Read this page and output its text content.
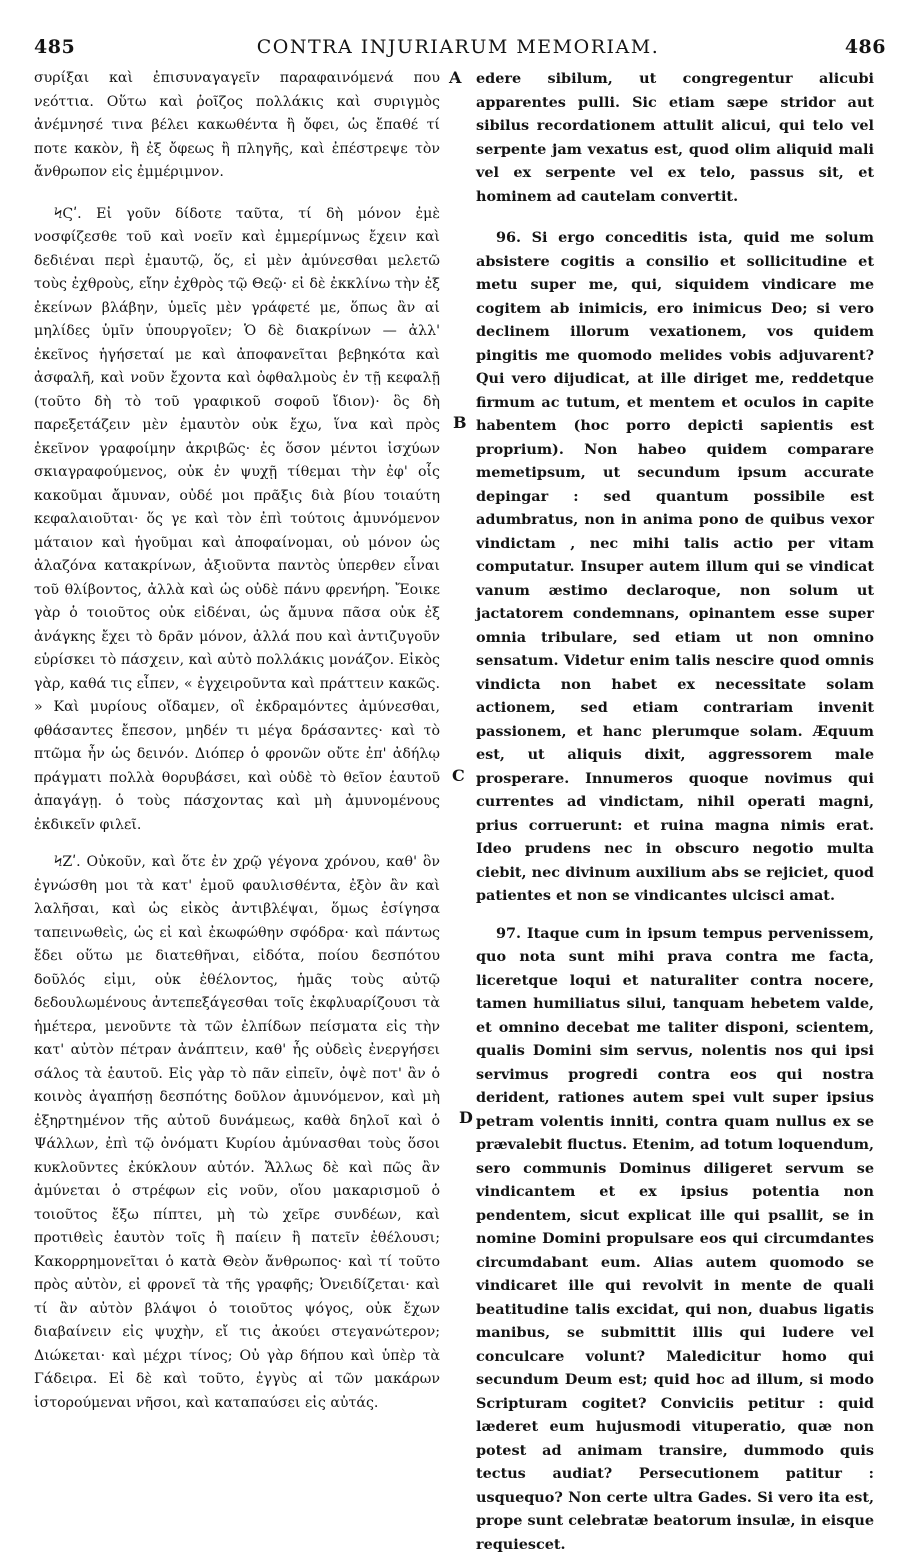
485	CONTRA INJURIARUM MEMORIAM.	486

συρίξαι καὶ ἐπισυναγαγεῖν παραφαινόμενά που νεόττια. Οὕτω καὶ ῥοῖζος πολλάκις καὶ συριγμὸς ἀνέμνησέ τινα βέλει κακωθέντα ἢ ὄφει, ὡς ἔπαθέ τί ποτε κακὸν, ἢ ἐξ ὄφεως ἢ πληγῆς, καὶ ἐπέστρεψε τὸν ἄνθρωπον εἰς ἐμμέριμνον.

ϞϚʹ. Εἰ γοῦν δίδοτε ταῦτα, τί δὴ μόνον ἐμὲ νοσφίζεσθε τοῦ καὶ νοεῖν καὶ ἐμμερίμνως ἔχειν καὶ δεδιέναι περὶ ἐμαυτῷ, ὅς, εἰ μὲν ἀμύνεσθαι μελετῶ τοὺς ἐχθροὺς, εἴην ἐχθρὸς τῷ Θεῷ· εἰ δὲ ἐκκλίνω τὴν ἐξ ἐκείνων βλάβην, ὑμεῖς μὲν γράφετέ με, ὅπως ἂν αἱ μηλίδες ὑμῖν ὑπουργοῖεν; Ὁ δὲ διακρίνων — ἀλλ' ἐκεῖνος ἡγήσεταί με καὶ ἀποφανεῖται βεβηκότα καὶ ἀσφαλῆ, καὶ νοῦν ἔχοντα καὶ ὀφθαλμοὺς ἐν τῇ κεφαλῇ (τοῦτο δὴ τὸ τοῦ γραφικοῦ σοφοῦ ἴδιον)· ὃς δὴ παρεξετάζειν μὲν ἐμαυτὸν οὐκ ἔχω, ἵνα καὶ πρὸς ἐκεῖνον γραφοίμην ἀκριβῶς· ἐς ὅσον μέντοι ἰσχύων σκιαγραφούμενος, οὐκ ἐν ψυχῇ τίθεμαι τὴν ἐφ' οἷς κακοῦμαι ἄμυναν, οὐδέ μοι πρᾶξις διὰ βίου τοιαύτη κεφαλαιοῦται· ὅς γε καὶ τὸν ἐπὶ τούτοις ἀμυνόμενον μάταιον καὶ ἡγοῦμαι καὶ ἀποφαίνομαι, οὐ μόνον ὡς ἀλαζόνα κατακρίνων, ἀξιοῦντα παντὸς ὑπερθεν εἶναι τοῦ θλίβοντος, ἀλλὰ καὶ ὡς οὐδὲ πάνυ φρενήρη. Ἔοικε γὰρ ὁ τοιοῦτος οὐκ εἰδέναι, ὡς ἄμυνα πᾶσα οὐκ ἐξ ἀνάγκης ἔχει τὸ δρᾶν μόνον, ἀλλά που καὶ ἀντιζυγοῦν εὑρίσκει τὸ πάσχειν, καὶ αὐτὸ πολλάκις μονάζον. Εἰκὸς γὰρ, καθά τις εἶπεν, « ἐγχειροῦντα καὶ πράττειν κακῶς. » Καὶ μυρίους οἴδαμεν, οἳ ἐκδραμόντες ἀμύνεσθαι, φθάσαντες ἔπεσον, μηδέν τι μέγα δράσαντες· καὶ τὸ πτῶμα ἦν ὡς δεινόν. Διόπερ ὁ φρονῶν οὔτε ἐπ' ἀδήλῳ πράγματι πολλὰ θορυβάσει, καὶ οὐδὲ τὸ θεῖον ἑαυτοῦ ἀπαγάγῃ. ὁ τοὺς πάσχοντας καὶ μὴ ἀμυνομένους ἐκδικεῖν φιλεῖ.

ϞΖʹ. Οὐκοῦν, καὶ ὅτε ἐν χρῷ γέγονα χρόνου, καθ' ὃν ἐγνώσθη μοι τὰ κατ' ἐμοῦ φαυλισθέντα, ἐξὸν ἂν καὶ λαλῆσαι, καὶ ὡς εἰκὸς ἀντιβλέψαι, ὅμως ἐσίγησα ταπεινωθεὶς, ὡς εἰ καὶ ἐκωφώθην σφόδρα· καὶ πάντως ἔδει οὕτω με διατεθῆναι, εἰδότα, ποίου δεσπότου δοῦλός εἰμι, οὐκ ἐθέλοντος, ἡμᾶς τοὺς αὐτῷ δεδουλωμένους ἀντεπεξάγεσθαι τοῖς ἐκφλυαρίζουσι τὰ ἡμέτερα, μενοῦντε τὰ τῶν ἐλπίδων πείσματα εἰς τὴν κατ' αὐτὸν πέτραν ἀνάπτειν, καθ' ἧς οὐδεὶς ἐνεργήσει σάλος τὰ ἑαυτοῦ. Εἰς γὰρ τὸ πᾶν εἰπεῖν, ὀψὲ ποτ' ἂν ὁ κοινὸς ἀγαπήσῃ δεσπότης δοῦλον ἀμυνόμενον, καὶ μὴ ἐξηρτημένον τῆς αὐτοῦ δυνάμεως, καθὰ δηλοῖ καὶ ὁ Ψάλλων, ἐπὶ τῷ ὀνόματι Κυρίου ἀμύνασθαι τοὺς ὅσοι κυκλοῦντες ἐκύκλουν αὐτόν. Ἄλλως δὲ καὶ πῶς ἂν ἀμύνεται ὁ στρέφων εἰς νοῦν, οἵου μακαρισμοῦ ὁ τοιοῦτος ἔξω πίπτει, μὴ τὼ χεῖρε συνδέων, καὶ προτιθεὶς ἑαυτὸν τοῖς ἢ παίειν ἢ πατεῖν ἐθέλουσι; Κακορρημονεῖται ὁ κατὰ Θεὸν ἄνθρωπος· καὶ τί τοῦτο πρὸς αὐτὸν, εἰ φρονεῖ τὰ τῆς γραφῆς; Ὀνειδίζεται· καὶ τί ἂν αὐτὸν βλάψοι ὁ τοιοῦτος ψόγος, οὐκ ἔχων διαβαίνειν εἰς ψυχὴν, εἴ τις ἀκούει στεγανώτερον; Διώκεται· καὶ μέχρι τίνος; Οὐ γὰρ δήπου καὶ ὑπὲρ τὰ Γάδειρα. Εἰ δὲ καὶ τοῦτο, ἐγγὺς αἱ τῶν μακάρων ἱστορούμεναι νῆσοι, καὶ καταπαύσει εἰς αὐτάς.

A
B
C
D

edere sibilum, ut congregentur alicubi apparentes pulli. Sic etiam sæpe stridor aut sibilus recordationem attulit alicui, qui telo vel serpente jam vexatus est, quod olim aliquid mali vel ex serpente vel ex telo, passus sit, et hominem ad cautelam convertit.

96. Si ergo conceditis ista, quid me solum absistere cogitis a consilio et sollicitudine et metu super me, qui, siquidem vindicare me cogitem ab inimicis, ero inimicus Deo; si vero declinem illorum vexationem, vos quidem pingitis me quomodo melides vobis adjuvarent? Qui vero dijudicat, at ille diriget me, reddetque firmum ac tutum, et mentem et oculos in capite habentem (hoc porro depicti sapientis est proprium). Non habeo quidem comparare memetipsum, ut secundum ipsum accurate depingar : sed quantum possibile est adumbratus, non in anima pono de quibus vexor vindictam , nec mihi talis actio per vitam computatur. Insuper autem illum qui se vindicat vanum æstimo declaroque, non solum ut jactatorem condemnans, opinantem esse super omnia tribulare, sed etiam ut non omnino sensatum. Videtur enim talis nescire quod omnis vindicta non habet ex necessitate solam actionem, sed etiam contrariam invenit passionem, et hanc plerumque solam. Æquum est, ut aliquis dixit, aggressorem male prosperare. Innumeros quoque novimus qui currentes ad vindictam, nihil operati magni, prius corruerunt: et ruina magna nimis erat. Ideo prudens nec in obscuro negotio multa ciebit, nec divinum auxilium abs se rejiciet, quod patientes et non se vindicantes ulcisci amat.

97. Itaque cum in ipsum tempus pervenissem, quo nota sunt mihi prava contra me facta, liceretque loqui et naturaliter contra nocere, tamen humiliatus silui, tanquam hebetem valde, et omnino decebat me taliter disponi, scientem, qualis Domini sim servus, nolentis nos qui ipsi servimus progredi contra eos qui nostra derident, rationes autem spei vult super ipsius petram volentis inniti, contra quam nullus ex se prævalebit fluctus. Etenim, ad totum loquendum, sero communis Dominus diligeret servum se vindicantem et ex ipsius potentia non pendentem, sicut explicat ille qui psallit, se in nomine Domini propulsare eos qui circumdantes circumdabant eum. Alias autem quomodo se vindicaret ille qui revolvit in mente de quali beatitudine talis excidat, qui non, duabus ligatis manibus, se submittit illis qui ludere vel conculcare volunt? Maledicitur homo qui secundum Deum est; quid hoc ad illum, si modo Scripturam cogitet? Conviciis petitur : quid læderet eum hujusmodi vituperatio, quæ non potest ad animam transire, dummodo quis tectus audiat? Persecutionem patitur : usquequo? Non certe ultra Gades. Si vero ita est, prope sunt celebratæ beatorum insulæ, in eisque requiescet.
